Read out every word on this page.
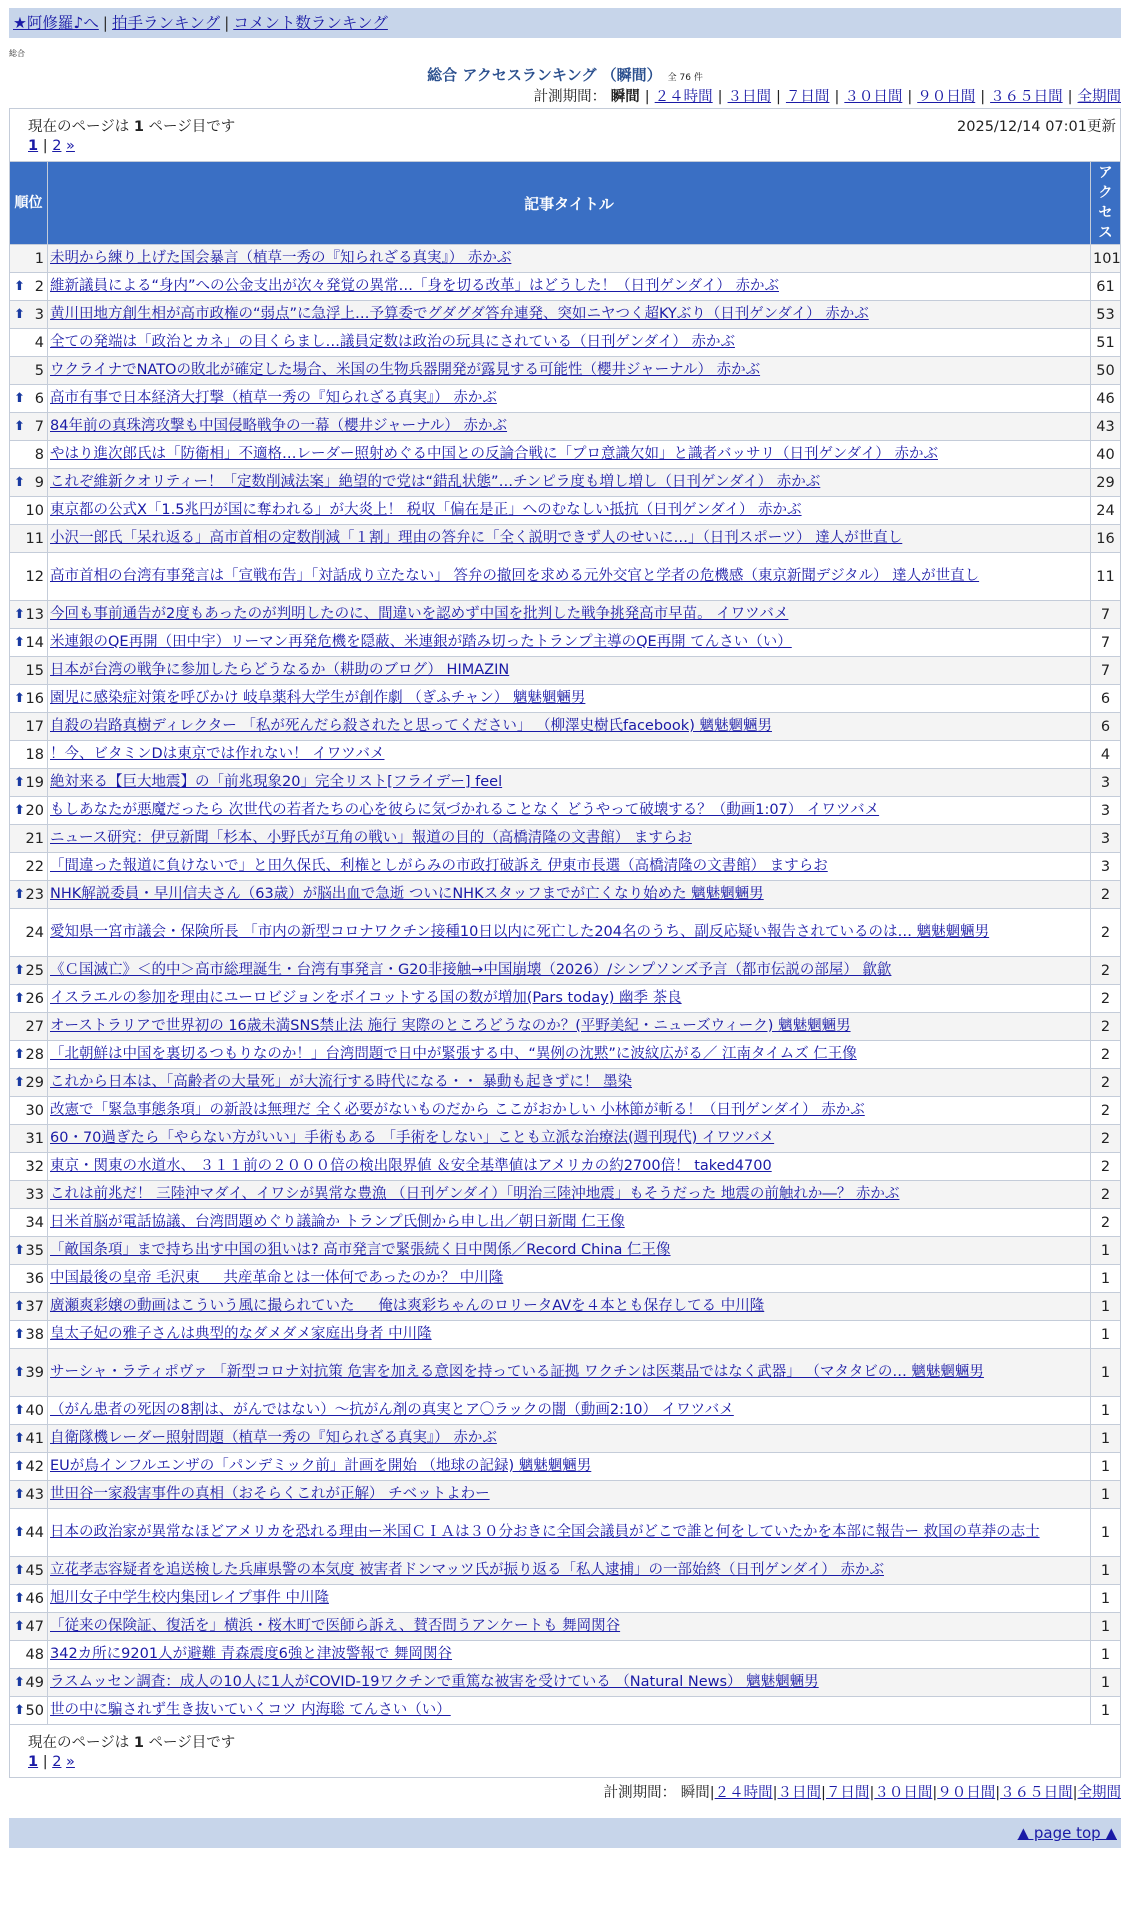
★阿修羅♪へ | 拍手ランキング | コメント数ランキング
総合
総合 アクセスランキング （瞬間） 全 76 件
計測期間： 瞬間 | ２４時間 | ３日間 | ７日間 | ３０日間 | ９０日間 | ３６５日間 | 全期間
現在のページは 1 ページ目です	2025/12/14 07:01更新
1 | 2 »
順位	記事タイトル	アクセス
1	未明から練り上げた国会暴言（植草一秀の『知られざる真実』） 赤かぶ	101

⬆ 2	維新議員による“身内”への公金支出が次々発覚の異常…「身を切る改革」はどうした！（日刊ゲンダイ） 赤かぶ	61

⬆ 3	黄川田地方創生相が高市政権の“弱点”に急浮上…予算委でグダグダ答弁連発、突如ニヤつく超KYぶり（日刊ゲンダイ） 赤かぶ	53
4	全ての発端は「政治とカネ」の目くらまし…議員定数は政治の玩具にされている（日刊ゲンダイ） 赤かぶ	51
5	ウクライナでNATOの敗北が確定した場合、米国の生物兵器開発が露見する可能性（櫻井ジャーナル） 赤かぶ	50

⬆ 6	高市有事で日本経済大打撃（植草一秀の『知られざる真実』） 赤かぶ	46

⬆ 7	84年前の真珠湾攻撃も中国侵略戦争の一幕（櫻井ジャーナル） 赤かぶ	43
8	やはり進次郎氏は「防衛相」不適格…レーダー照射めぐる中国との反論合戦に「プロ意識欠如」と識者バッサリ（日刊ゲンダイ） 赤かぶ	40

⬆ 9	これぞ維新クオリティー！「定数削減法案」絶望的で党は“錯乱状態”…チンピラ度も増し増し（日刊ゲンダイ） 赤かぶ	29
10	東京都の公式X「1.5兆円が国に奪われる」が大炎上！ 税収「偏在是正」へのむなしい抵抗（日刊ゲンダイ） 赤かぶ	24
11	小沢一郎氏「呆れ返る」高市首相の定数削減「１割」理由の答弁に「全く説明できず人のせいに…」（日刊スポーツ） 達人が世直し	16
12	高市首相の台湾有事発言は「宣戦布告」「対話成り立たない」 答弁の撤回を求める元外交官と学者の危機感（東京新聞デジタル） 達人が世直し	11

⬆ 13	今回も事前通告が2度もあったのが判明したのに、間違いを認めず中国を批判した戦争挑発高市早苗。 イワツバメ	7

⬆ 14	米連銀のQE再開（田中宇）リーマン再発危機を隠蔽、米連銀が踏み切ったトランプ主導のQE再開 てんさい（い）	7
15	日本が台湾の戦争に参加したらどうなるか（耕助のブログ） HIMAZIN	7

⬆ 16	園児に感染症対策を呼びかけ 岐阜薬科大学生が創作劇 （ぎふチャン） 魑魅魍魎男	6
17	自殺の岩路真樹ディレクター 「私が死んだら殺されたと思ってください」 （柳澤史樹氏facebook) 魑魅魍魎男	6
18	！今、ビタミンDは東京では作れない！ イワツバメ	4

⬆ 19	絶対来る【巨大地震】の「前兆現象20」完全リスト[フライデー] feel	3

⬆ 20	もしあなたが悪魔だったら 次世代の若者たちの心を彼らに気づかれることなく どうやって破壊する？（動画1:07） イワツバメ	3
21	ニュース研究：伊豆新聞「杉本、小野氏が互角の戦い」報道の目的（高橋清隆の文書館） ますらお	3
22	「間違った報道に負けないで」と田久保氏、利権としがらみの市政打破訴え 伊東市長選（高橋清隆の文書館） ますらお	3

⬆ 23	NHK解説委員・早川信夫さん（63歳）が脳出血で急逝 ついにNHKスタッフまでが亡くなり始めた 魑魅魍魎男	2
24	愛知県一宮市議会・保険所長 「市内の新型コロナワクチン接種10日以内に死亡した204名のうち、副反応疑い報告されているのは… 魑魅魍魎男	2

⬆ 25	《Ｃ国滅亡》＜的中＞高市総理誕生・台湾有事発言・G20非接触→中国崩壊（2026）/シンプソンズ予言（都市伝説の部屋） 歙歙	2

⬆ 26	イスラエルの参加を理由にユーロビジョンをボイコットする国の数が増加(Pars today) 幽季 茶良	2
27	オーストラリアで世界初の 16歳未満SNS禁止法 施行 実際のところどうなのか？(平野美紀・ニューズウィーク) 魑魅魍魎男	2

⬆ 28	「北朝鮮は中国を裏切るつもりなのか！」台湾問題で日中が緊張する中、“異例の沈黙”に波紋広がる／ 江南タイムズ 仁王像	2

⬆ 29	これから日本は、「高齢者の大量死」が大流行する時代になる・・ 暴動も起きずに！ 墨染	2
30	改憲で「緊急事態条項」の新設は無理だ 全く必要がないものだから ここがおかしい 小林節が斬る！（日刊ゲンダイ） 赤かぶ	2
31	60・70過ぎたら「やらない方がいい」手術もある 「手術をしない」ことも立派な治療法(週刊現代) イワツバメ	2
32	東京・関東の水道水、 ３１１前の２０００倍の検出限界値 ＆安全基準値はアメリカの約2700倍！ taked4700	2
33	これは前兆だ！ 三陸沖マダイ、イワシが異常な豊漁 （日刊ゲンダイ）「明治三陸沖地震」もそうだった 地震の前触れか―？ 赤かぶ	2
34	日米首脳が電話協議、台湾問題めぐり議論か トランプ氏側から申し出／朝日新聞 仁王像	2

⬆ 35	「敵国条項」まで持ち出す中国の狙いは? 高市発言で緊張続く日中関係／Record China 仁王像	1
36	中国最後の皇帝 毛沢東 ＿ 共産革命とは一体何であったのか？ 中川隆	1

⬆ 37	廣瀬爽彩嬢の動画はこういう風に撮られていた ＿ 俺は爽彩ちゃんのロリータAVを４本とも保存してる 中川隆	1

⬆ 38	皇太子妃の雅子さんは典型的なダメダメ家庭出身者 中川隆	1

⬆ 39	サーシャ・ラティポヴァ 「新型コロナ対抗策 危害を加える意図を持っている証拠 ワクチンは医薬品ではなく武器」 （マタタビの… 魑魅魍魎男	1

⬆ 40	（がん患者の死因の8割は、がんではない）〜抗がん剤の真実とア〇ラックの闇（動画2:10） イワツバメ	1

⬆ 41	自衛隊機レーダー照射問題（植草一秀の『知られざる真実』） 赤かぶ	1

⬆ 42	EUが鳥インフルエンザの「パンデミック前」計画を開始 （地球の記録) 魑魅魍魎男	1

⬆ 43	世田谷一家殺害事件の真相（おそらくこれが正解） チベットよわー	1

⬆ 44	日本の政治家が異常なほどアメリカを恐れる理由ー米国ＣＩＡは３０分おきに全国会議員がどこで誰と何をしていたかを本部に報告ー 救国の草莽の志士	1

⬆ 45	立花孝志容疑者を追送検した兵庫県警の本気度 被害者ドンマッツ氏が振り返る「私人逮捕」の一部始終（日刊ゲンダイ） 赤かぶ	1

⬆ 46	旭川女子中学生校内集団レイプ事件 中川隆	1

⬆ 47	「従来の保険証、復活を」横浜・桜木町で医師ら訴え、賛否問うアンケートも 舞岡関谷	1
48	342カ所に9201人が避難 青森震度6強と津波警報で 舞岡関谷	1

⬆ 49	ラスムッセン調査：成人の10人に1人がCOVID-19ワクチンで重篤な被害を受けている （Natural News） 魑魅魍魎男	1

⬆ 50	世の中に騙されず生き抜いていくコツ 内海聡 てんさい（い）	1
現在のページは 1 ページ目です
1 | 2 »
計測期間： 瞬間|２４時間|３日間|７日間|３０日間|９０日間|３６５日間|全期間
▲ page top ▲
